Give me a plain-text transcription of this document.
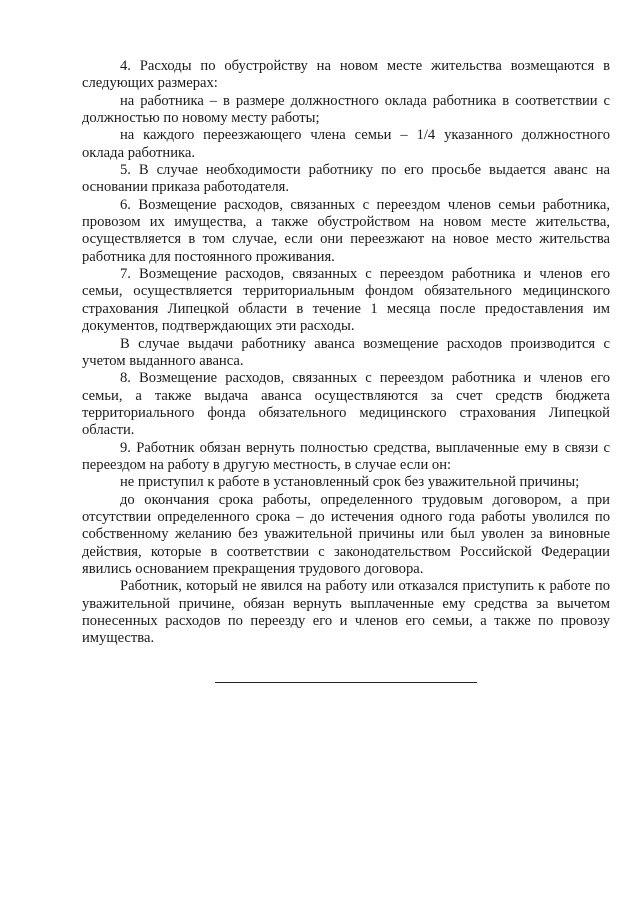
4. Расходы по обустройству на новом месте жительства возмещаются в следующих размерах:

на работника – в размере должностного оклада работника в соответствии с должностью по новому месту работы;

на каждого переезжающего члена семьи – 1/4 указанного должностного оклада работника.

5. В случае необходимости работнику по его просьбе выдается аванс на основании приказа работодателя.

6. Возмещение расходов, связанных с переездом членов семьи работника, провозом их имущества, а также обустройством на новом месте жительства, осуществляется в том случае, если они переезжают на новое место жительства работника для постоянного проживания.

7. Возмещение расходов, связанных с переездом работника и членов его семьи, осуществляется территориальным фондом обязательного медицинского страхования Липецкой области в течение 1 месяца после предоставления им документов, подтверждающих эти расходы.

В случае выдачи работнику аванса возмещение расходов производится с учетом выданного аванса.

8. Возмещение расходов, связанных с переездом работника и членов его семьи, а также выдача аванса осуществляются за счет средств бюджета территориального фонда обязательного медицинского страхования Липецкой области.

9. Работник обязан вернуть полностью средства, выплаченные ему в связи с переездом на работу в другую местность, в случае если он:

не приступил к работе в установленный срок без уважительной причины;

до окончания срока работы, определенного трудовым договором, а при отсутствии определенного срока – до истечения одного года работы уволился по собственному желанию без уважительной причины или был уволен за виновные действия, которые в соответствии с законодательством Российской Федерации явились основанием прекращения трудового договора.

Работник, который не явился на работу или отказался приступить к работе по уважительной причине, обязан вернуть выплаченные ему средства за вычетом понесенных расходов по переезду его и членов его семьи, а также по провозу имущества.
